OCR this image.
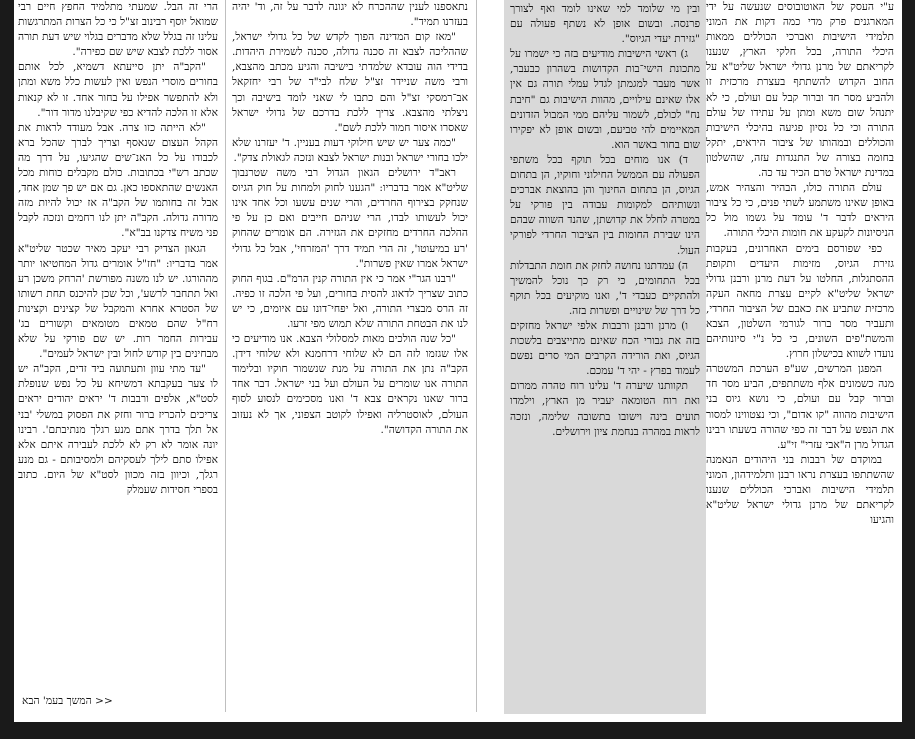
ע"י העסק של האוטובוסים שנעשה על ידי המארגנים פרק מדי כמה דקות את המוני תלמידי הישיבות ואברכי הכוללים ממאות היכלי התורה, בכל חלקי הארץ, שנענו לקריאתם של מרנן גדולי ישראל שליט"א על החוב הקדוש להשתתף בעצרת מרכזית זו ולהביע מסר חד וברור קבל עם ועולם, כי לא יתנהל שום משא ומתן על עתידו של עולם התורה וכי כל נסיון פגיעה בהיכלי הישיבות והכוללים ובמהותו של ציבור היראים, יתקל בחומה בצורה של התנגדות עזה, שהשלטון במדינת ישראל טרם הכיר עד כה.

עולם התורה כולו, הבהיר והצהיר אמש, באופן שאינו משתמע לשתי פנים, כי כל ציבור היראים לדבר ד' עומד על גשמו מול כל הניסיונות לקעקע את חומות היכלי התורה.

כפי שפורסם בימים האחרונים, בעקבות גזירת הגיוס, מזימות היעדים ותקופת ההסתגלות, החלטו על דעת מרנן ורבנן גדולי ישראל שליט"א לקיים עצרת מחאה העקה מרכזית שתביע את כאבם של הציבור החרדי, ותעביר מסר ברור לגורמי השלטון, הצבא והמשת"פים השונים, כי כל נ"י סיונותיהם נועדו לשווא בכישלון חרוץ.

המפגן המרשים, שע"פ הערכת המשטרה מנה כשמונים אלף משתתפים, הביע מסר חד וברור קבל עם ועולם, כי נושא גיוס בני הישיבות מהווה "קו אדום", וכי נצטווינו למסור את הנפש על דבר זה כפי שהורה בשעתו רבינו הגדול מרן ה"אבי עזרי" זי"ע.

במוקדם של רבבות בני היהודים הנאמנה שהשתתפו בעצרת נראו רבנן ותלמידהון, המוני תלמידי הישיבות ואברכי הכוללים שנענו לקריאתם של מרנן גדולי ישראל שליט"א והגיעו

ובין מי שלומד למי שאינו לומד ואף לצורך פרנסה. ובשום אופן לא נשתף פעולה עם "גזירת יעדי הגיוס".

ג) ראשי הישיבות מודיעים בזה כי ישמרו על מתכונת הישי־בות הקדושות בשהרון כבעבר, אשר מעבר למגמתן לגדל עמלי תורה גם אין אלו שאינם עילויים, מהוות הישיבות גם "חיבת נח" לכולם, לשמור עליהם ממי המבול הזדונים המאיימים להי טביעם, ובשום אופן לא יפקירו שום בחור באשר הוא.

ד) אנו מוחים בכל תוקף בכל משתפי הפעולה עם הממשל החילוני וחוקיו, הן בתחום הגיוס, הן בתחום החינוך והן בהוצאת אברכים ונשותיהם למקומות עבודה בין פורקי על במטרה לחלל את קדושתן, שהנד השווה שבהם הינו שבירת החומות בין הציבור החרדי לפורקי העול.

ה) עמדתנו נחושה לחזק את חומת התבדלות בכל התחומים, כי רק כך נוכל להמשיך ולהתקיים כעבדי ד', ואנו מוקיעים בכל תוקף כל דרך של שינויים ופשרות בזה.

ו) מרנן ורבנן ורבבות אלפי ישראל מחזקים בזה את גבורי הכח שאינם מתייצבים בלשכות הגיוס, ואת הורידה הקרבים המי סרים נפשם לעמוד בפרץ - יהי ד' עמכם.

תקוותנו שיערה ד' עלינו רוח טהרה ממרום ואת רוח הטומאה יעביר מן הארץ, וילמדו תועים בינה וישובו בתשובה שלימה, ונזכה לראות במהרה בנחמת ציון וירושלים.

נתאספנו לענין שההכרח לא יגונה לדבר על זה, וד' יהיה בעזרנו תמיד".

"מאז קום המדינה הפוך לקדש של כל גדולי ישראל, שההליכה לצבא זה סכנה גדולה, סכנה לשמירת היהדות. בדידי הוה עובדא שלמדתי בישיבה והגיע מכתב מהצבא, ורבי משה שניידר זצ"ל שלח לבי"ד של רבי יחזקאל אב־רמסקי זצ"ל והם כתבו לי שאני לומד בישיבה וכך ניצלתי מהצבא. צריך ללכת בדרכם של גדולי ישראל שאסרו איסור חמור ללכת לשם".

"כמה צער יש שיש חילוקי דעות בעניין. ד' יעזרנו שלא ילכו בחורי ישראל ובנות ישראל לצבא ונזכה לגאולת צדק".

ראב"ד ירושלים הגאון הגדול רבי משה שטרנבוך שליט"א אמר בדבריו: "הגענו לחוק ולמחות על חוק הגיוס שנחקק בצירוף החרדים, והרי שנים עשעו וכל אחד אינו יכול לעשותו לבדו, הרי שניהם חייבים ואם כן על פי ההלכה החרדים מחזקים את הגזירה. הם אומרים שהחוק 'רע במיעוטו', זה הרי תמיד דרך 'המזרחי', אבל כל גדולי ישראל אמרו שאין פשרות".

"רבנו הגר"י אמר כי אין התורה קנין הרמ"ם. בגוף החוק כתוב שצריך לדאוג להסית בחורים, ועל פי הלכה זו כפיה. זה הרס מבצרי התורה, ואל יפחי־דונו עם איומים, כי יש לנו את הבטחת התורה שלא תמוש מפי זרעו.

"כל שנה הולכים מאות למסלולי הצבא. אנו מודיעים כי אלו שגזמו לזה הם לא שלוחי דרחמנא ולא שלוחי דידן. הקב"ה נתן את התורה על מנת שנשמור חוקיו ובלימוד התורה אנו שומרים על העולם ועל בני ישראל. דבר אחד ברור שאנו נקראים צבא ד' ואנו מסכימים לנסוע לסוף העולם, לאוסטרליה ואפילו לקוטב הצפוני, אך לא נעזוב את התורה הקדושה".

הרי זה הבל. שמעתי מתלמיד החפץ חיים רבי שמואל יוסף רבינוב זצ"ל כי כל הצרות המתרגשות עלינו זה בגלל שלא מדברים בגלוי שיש דעת תורה אסור ללכת לצבא שיש שם כפירה".

"הקב"ה יתן סייעתא דשמיא, לכל אותם בחורים מוסרי הנפש ואין לעשות כלל משא ומתן ולא להתפשר אפילו על בחור אחד. זו לא קנאות אלא זו הלכה להדיא כפי שקיבלנו מדור דור".

"לא הייתה כזו צרה. אבל מעודד לראות את הקהל העצום שנאסף וצריך לברך שהכל ברא לכבודו על כל האנ־שים שהגיעו, על דרך מה שכתב רש"י בכתובות. כולם מקבלים כוחות מכל האנשים שהתאספו כאן. גם אם יש פך שמן אחד, אבל זה בחותמו של הקב"ה אז יכול להיות מזה מדורה גדולה. הקב"ה יתן לנו רחמים ונזכה לקבל פני משיח צדקנו בב"א".

הגאון הצדיק רבי יעקב מאיר שכטר שליט"א אמר בדבריו: "חז"ל אומרים גדול המחטיאו יותר מההורגו. יש לנו משנה מפורשת 'הרחק משכן רע ואל תתחבר לרשע', וכל שכן להיכנס תחת רשותו של הסטרא אחרא והמקבל של קצינים וקצינות רח"ל שהם טמאים מטומאים וקשורים בג' עבירות החמר רות. יש שם פורקי על שלא מבחינים בין קודש לחול ובין ישראל לעמים".

"עד מתי עוון ותעתועה ביד זדים, הקב"ה יש לו צער בעקבתא דמשיחא על כל נפש שנופלת לסט"א, אלפים ורבבות ד' יראים יהודים יראים צריכים להכריז ברור וחזק את הפסוק במשלי 'בני אל תלך בדרך אתם מנע רגלך מנתיבתם'. רבינו יונה אומר לא רק לא ללכת לעבירה איתם אלא אפילו סתם לילך לעסקיהם ולמסיבותם - גם מנע רגלך, וכיוון בזה מכוון לסט"א של היום. כתוב בספרי חסידות שעמלק

<< המשך בעמ' הבא
